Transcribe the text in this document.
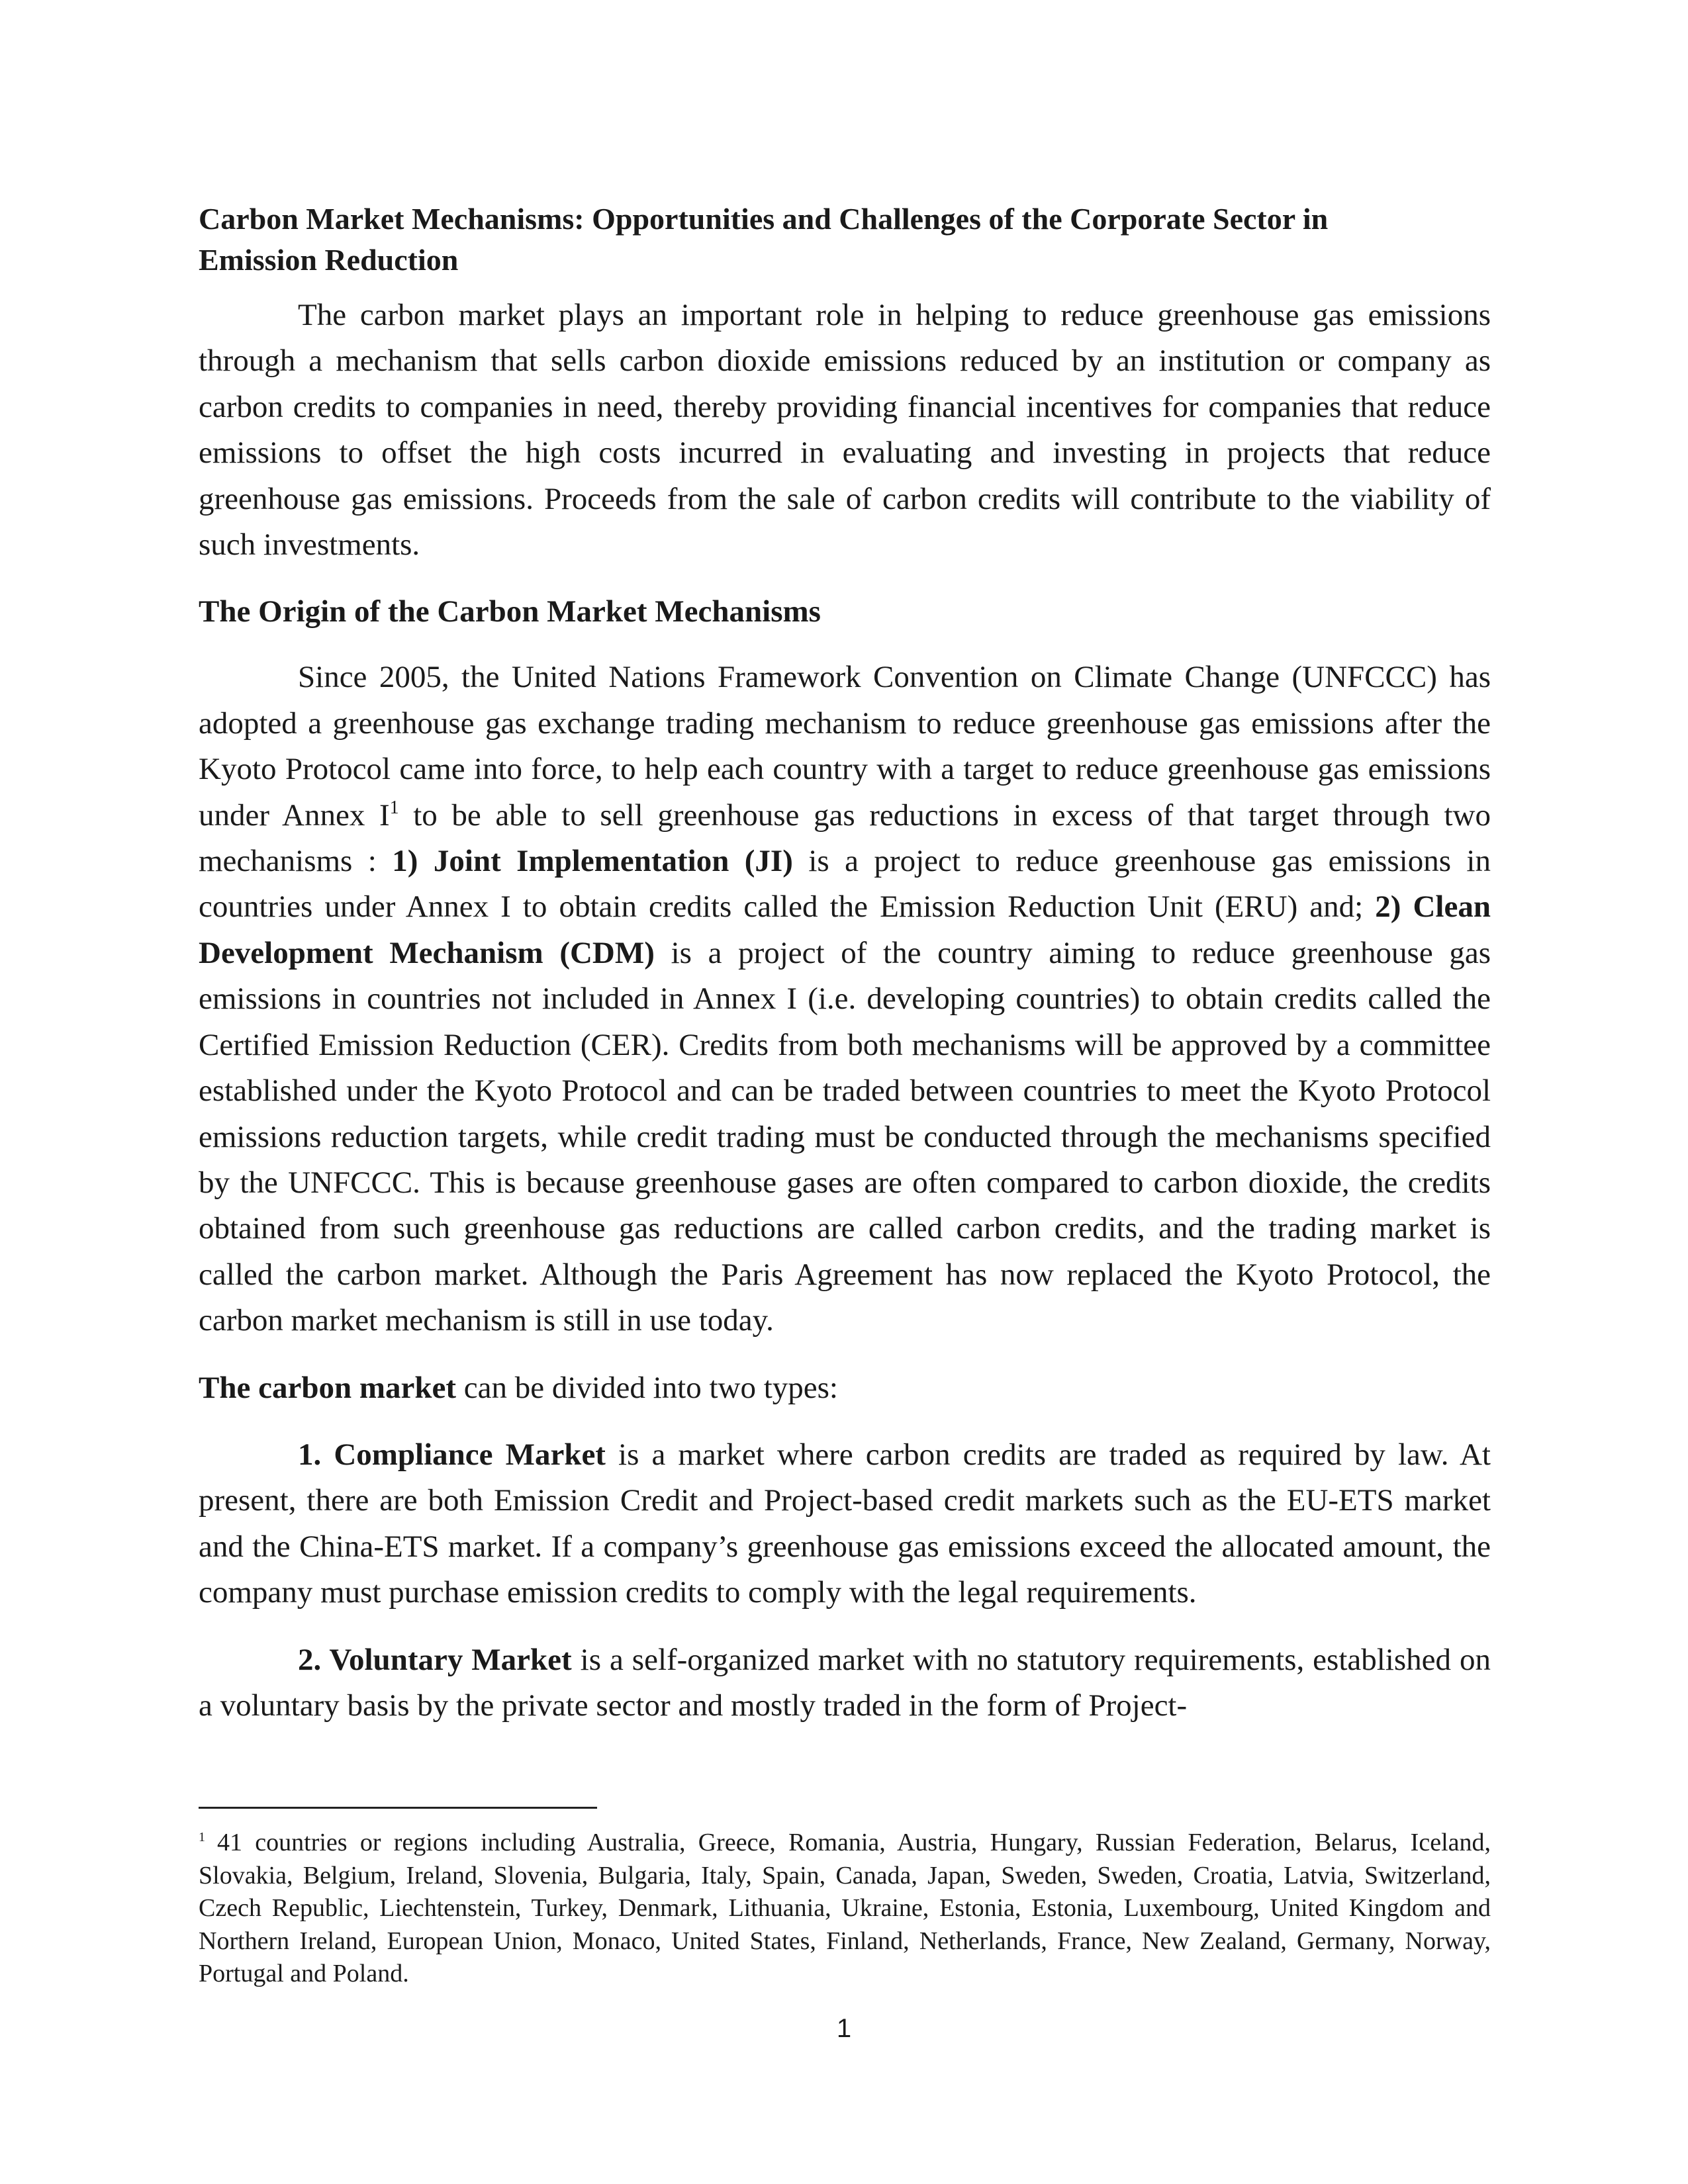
Carbon Market Mechanisms: Opportunities and Challenges of the Corporate Sector in
Emission Reduction

The carbon market plays an important role in helping to reduce greenhouse gas emissions through a mechanism that sells carbon dioxide emissions reduced by an institution or company as carbon credits to companies in need, thereby providing financial incentives for companies that reduce emissions to offset the high costs incurred in evaluating and investing in projects that reduce greenhouse gas emissions. Proceeds from the sale of carbon credits will contribute to the viability of such investments.

The Origin of the Carbon Market Mechanisms

Since 2005, the United Nations Framework Convention on Climate Change (UNFCCC) has adopted a greenhouse gas exchange trading mechanism to reduce greenhouse gas emissions after the Kyoto Protocol came into force, to help each country with a target to reduce greenhouse gas emissions under Annex $I^1$ to be able to sell greenhouse gas reductions in excess of that target through two mechanisms : 1) Joint Implementation (JI) is a project to reduce greenhouse gas emissions in countries under Annex I to obtain credits called the Emission Reduction Unit (ERU) and; 2) Clean Development Mechanism (CDM) is a project of the country aiming to reduce greenhouse gas emissions in countries not included in Annex I (i.e. developing countries) to obtain credits called the Certified Emission Reduction (CER). Credits from both mechanisms will be approved by a committee established under the Kyoto Protocol and can be traded between countries to meet the Kyoto Protocol emissions reduction targets, while credit trading must be conducted through the mechanisms specified by the UNFCCC. This is because greenhouse gases are often compared to carbon dioxide, the credits obtained from such greenhouse gas reductions are called carbon credits, and the trading market is called the carbon market. Although the Paris Agreement has now replaced the Kyoto Protocol, the carbon market mechanism is still in use today.

The carbon market can be divided into two types:

1. Compliance Market is a market where carbon credits are traded as required by law. At present, there are both Emission Credit and Project-based credit markets such as the EU-ETS market and the China-ETS market. If a company’s greenhouse gas emissions exceed the allocated amount, the company must purchase emission credits to comply with the legal requirements.

2. Voluntary Market is a self-organized market with no statutory requirements, established on a voluntary basis by the private sector and mostly traded in the form of Project-

$^1$ 41 countries or regions including Australia, Greece, Romania, Austria, Hungary, Russian Federation, Belarus, Iceland, Slovakia, Belgium, Ireland, Slovenia, Bulgaria, Italy, Spain, Canada, Japan, Sweden, Sweden, Croatia, Latvia, Switzerland, Czech Republic, Liechtenstein, Turkey, Denmark, Lithuania, Ukraine, Estonia, Estonia, Luxembourg, United Kingdom and Northern Ireland, European Union, Monaco, United States, Finland, Netherlands, France, New Zealand, Germany, Norway, Portugal and Poland.
1
